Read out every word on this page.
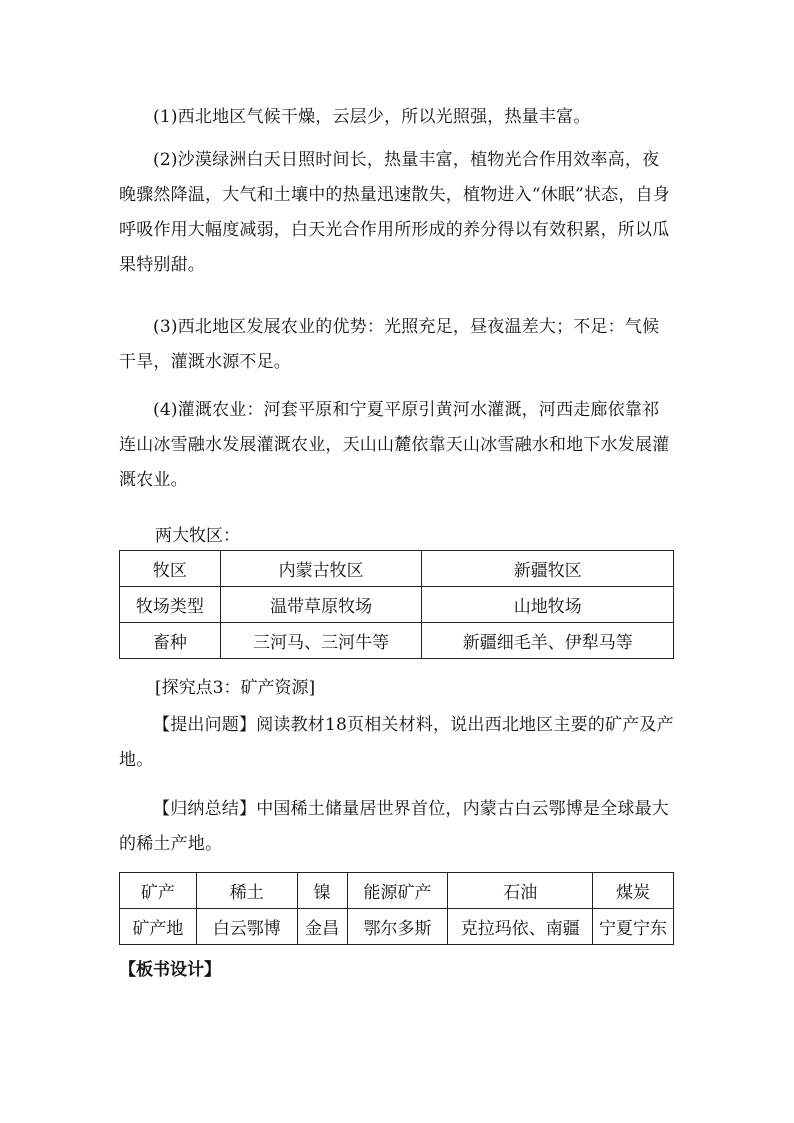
(1)西北地区气候干燥，云层少，所以光照强，热量丰富。

(2)沙漠绿洲白天日照时间长，热量丰富，植物光合作用效率高，夜晚骤然降温，大气和土壤中的热量迅速散失，植物进入“休眠”状态，自身呼吸作用大幅度减弱，白天光合作用所形成的养分得以有效积累，所以瓜果特别甜。

(3)西北地区发展农业的优势：光照充足，昼夜温差大；不足：气候干旱，灌溉水源不足。

(4)灌溉农业：河套平原和宁夏平原引黄河水灌溉，河西走廊依靠祁连山冰雪融水发展灌溉农业，天山山麓依靠天山冰雪融水和地下水发展灌溉农业。

两大牧区：

牧区	内蒙古牧区	新疆牧区
牧场类型	温带草原牧场	山地牧场
畜种	三河马、三河牛等	新疆细毛羊、伊犁马等

[探究点3：矿产资源]

【提出问题】阅读教材18页相关材料，说出西北地区主要的矿产及产地。

【归纳总结】中国稀土储量居世界首位，内蒙古白云鄂博是全球最大的稀土产地。

矿产	稀土	镍	能源矿产	石油	煤炭
矿产地	白云鄂博	金昌	鄂尔多斯	克拉玛依、南疆	宁夏宁东
【板书设计】
